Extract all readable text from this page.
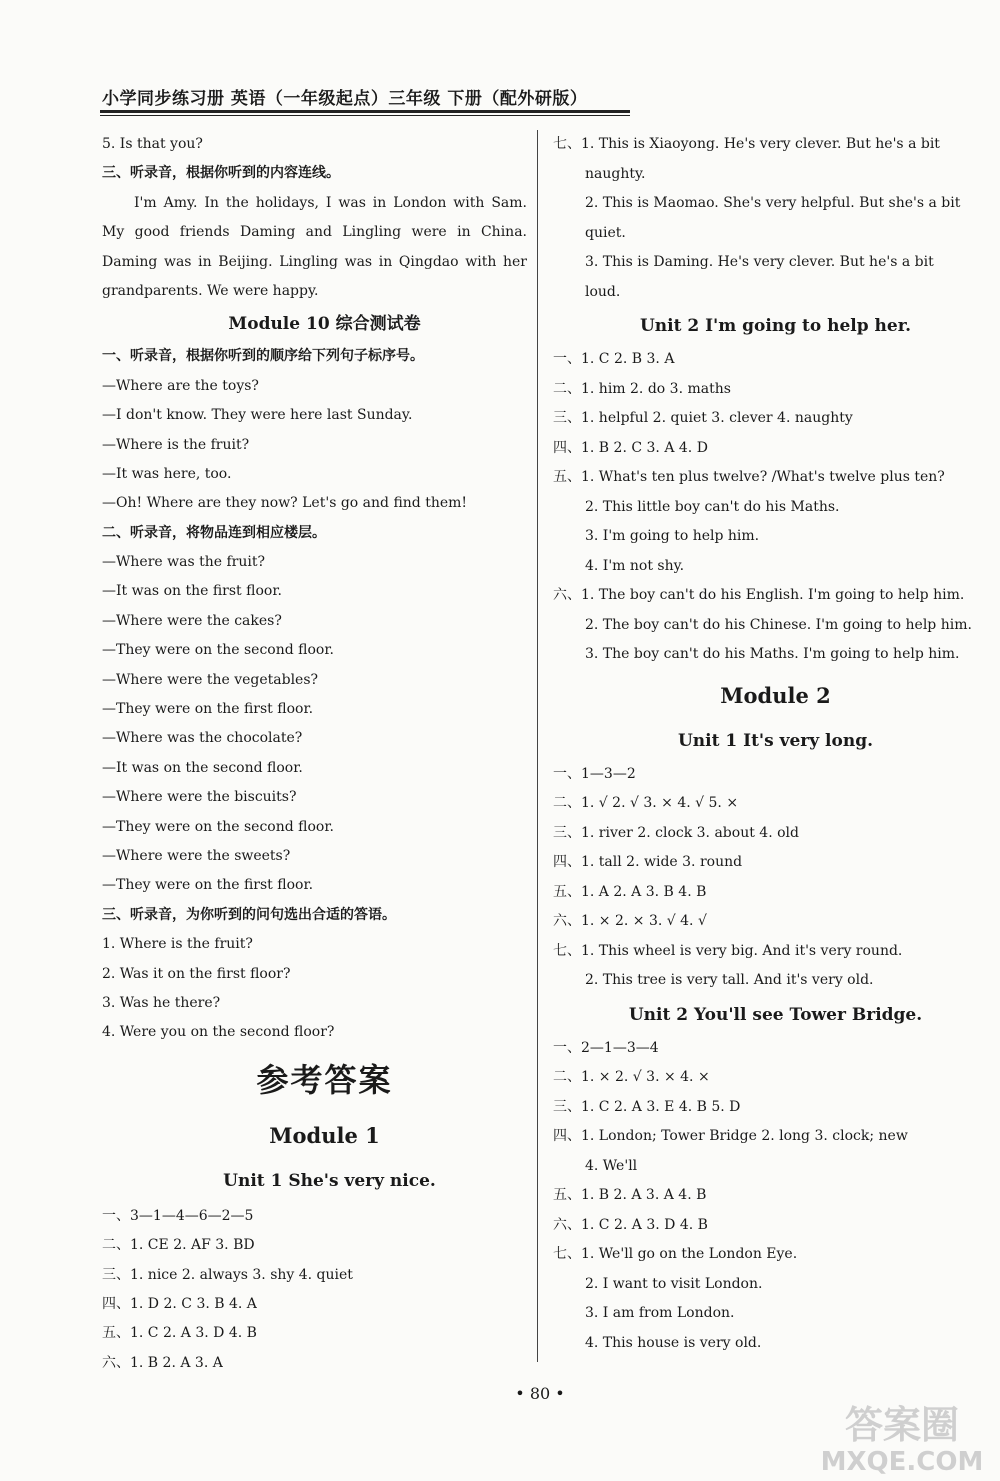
小学同步练习册 英语（一年级起点）三年级 下册（配外研版）
5. Is that you?
三、听录音，根据你听到的内容连线。
I'm Amy. In the holidays, I was in London with Sam.
My good friends Daming and Lingling were in China.
Daming was in Beijing. Lingling was in Qingdao with her
grandparents. We were happy.
Module 10 综合测试卷
一、听录音，根据你听到的顺序给下列句子标序号。
—Where are the toys?
—I don't know. They were here last Sunday.
—Where is the fruit?
—It was here, too.
—Oh! Where are they now? Let's go and find them!
二、听录音，将物品连到相应楼层。
—Where was the fruit?
—It was on the first floor.
—Where were the cakes?
—They were on the second floor.
—Where were the vegetables?
—They were on the first floor.
—Where was the chocolate?
—It was on the second floor.
—Where were the biscuits?
—They were on the second floor.
—Where were the sweets?
—They were on the first floor.
三、听录音，为你听到的问句选出合适的答语。
1. Where is the fruit?
2. Was it on the first floor?
3. Was he there?
4. Were you on the second floor?
参考答案
Module 1
Unit 1 She's very nice.
一、3—1—4—6—2—5
二、1. CE 2. AF 3. BD
三、1. nice 2. always 3. shy 4. quiet
四、1. D 2. C 3. B 4. A
五、1. C 2. A 3. D 4. B
六、1. B 2. A 3. A
七、1. This is Xiaoyong. He's very clever. But he's a bit
naughty.
2. This is Maomao. She's very helpful. But she's a bit
quiet.
3. This is Daming. He's very clever. But he's a bit
loud.
Unit 2 I'm going to help her.
一、1. C 2. B 3. A
二、1. him 2. do 3. maths
三、1. helpful 2. quiet 3. clever 4. naughty
四、1. B 2. C 3. A 4. D
五、1. What's ten plus twelve? /What's twelve plus ten?
2. This little boy can't do his Maths.
3. I'm going to help him.
4. I'm not shy.
六、1. The boy can't do his English. I'm going to help him.
2. The boy can't do his Chinese. I'm going to help him.
3. The boy can't do his Maths. I'm going to help him.
Module 2
Unit 1 It's very long.
一、1—3—2
二、1. √ 2. √ 3. × 4. √ 5. ×
三、1. river 2. clock 3. about 4. old
四、1. tall 2. wide 3. round
五、1. A 2. A 3. B 4. B
六、1. × 2. × 3. √ 4. √
七、1. This wheel is very big. And it's very round.
2. This tree is very tall. And it's very old.
Unit 2 You'll see Tower Bridge.
一、2—1—3—4
二、1. × 2. √ 3. × 4. ×
三、1. C 2. A 3. E 4. B 5. D
四、1. London; Tower Bridge 2. long 3. clock; new
4. We'll
五、1. B 2. A 3. A 4. B
六、1. C 2. A 3. D 4. B
七、1. We'll go on the London Eye.
2. I want to visit London.
3. I am from London.
4. This house is very old.
• 80 •
答案圈
MXQE.COM
